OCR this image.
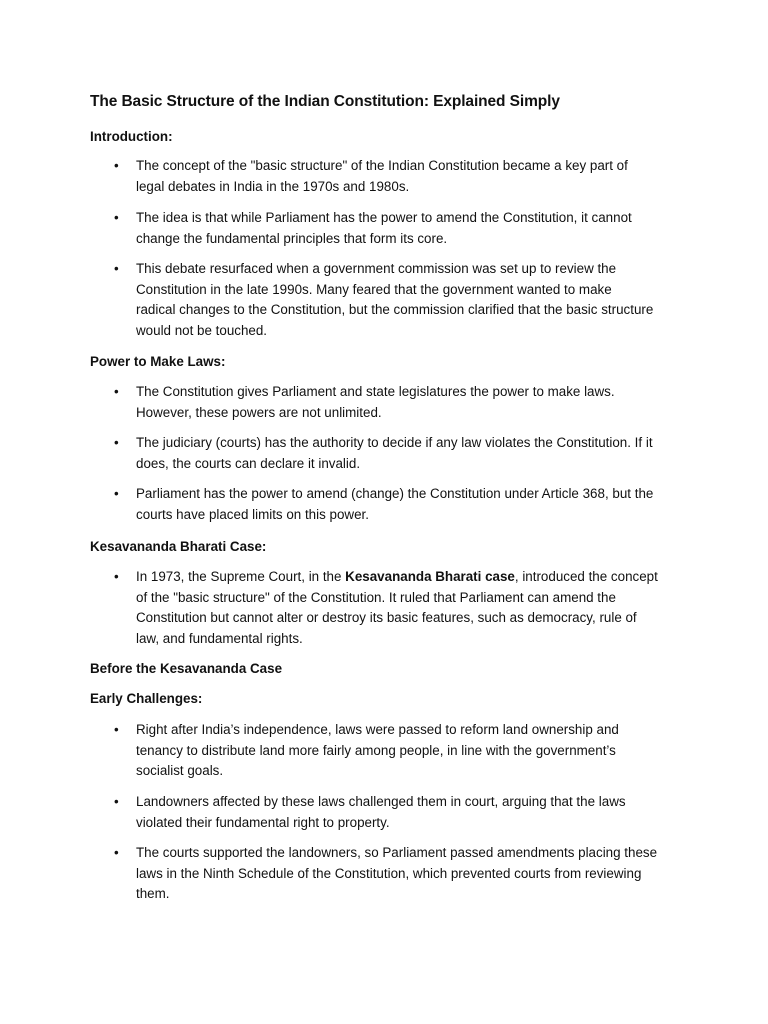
The Basic Structure of the Indian Constitution: Explained Simply
Introduction:
•	The concept of the "basic structure" of the Indian Constitution became a key part of
legal debates in India in the 1970s and 1980s.
•	The idea is that while Parliament has the power to amend the Constitution, it cannot
change the fundamental principles that form its core.
•	This debate resurfaced when a government commission was set up to review the
Constitution in the late 1990s. Many feared that the government wanted to make
radical changes to the Constitution, but the commission clarified that the basic structure
would not be touched.
Power to Make Laws:
•	The Constitution gives Parliament and state legislatures the power to make laws.
However, these powers are not unlimited.
•	The judiciary (courts) has the authority to decide if any law violates the Constitution. If it
does, the courts can declare it invalid.
•	Parliament has the power to amend (change) the Constitution under Article 368, but the
courts have placed limits on this power.
Kesavananda Bharati Case:
•	In 1973, the Supreme Court, in the Kesavananda Bharati case, introduced the concept
of the "basic structure" of the Constitution. It ruled that Parliament can amend the
Constitution but cannot alter or destroy its basic features, such as democracy, rule of
law, and fundamental rights.
Before the Kesavananda Case
Early Challenges:
•	Right after India’s independence, laws were passed to reform land ownership and
tenancy to distribute land more fairly among people, in line with the government’s
socialist goals.
•	Landowners affected by these laws challenged them in court, arguing that the laws
violated their fundamental right to property.
•	The courts supported the landowners, so Parliament passed amendments placing these
laws in the Ninth Schedule of the Constitution, which prevented courts from reviewing
them.
